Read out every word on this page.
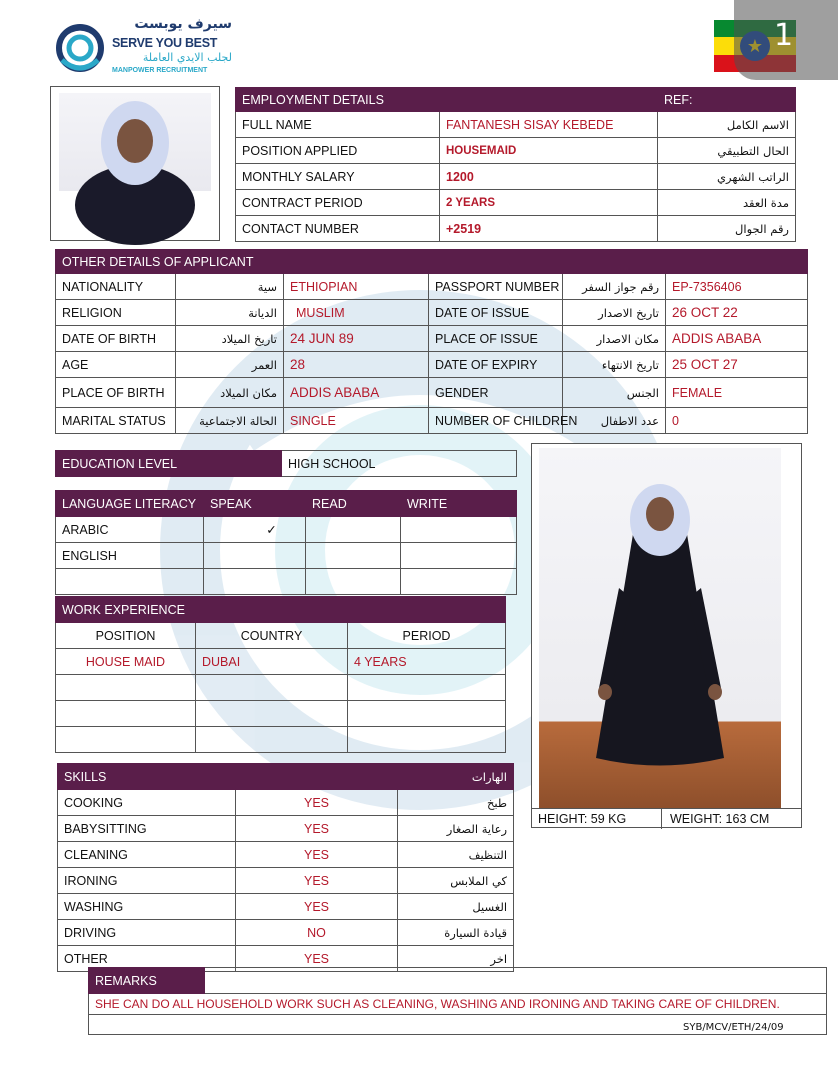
سيرف يوبست
SERVE YOU BEST
لجلب الايدي العاملة
MANPOWER RECRUITMENT
1
EMPLOYMENT DETAILS		REF:
FULL NAME	FANTANESH SISAY KEBEDE	الاسم الكامل
POSITION APPLIED	HOUSEMAID	الحال التطبيقي
MONTHLY SALARY	1200	الراتب الشهري
CONTRACT PERIOD	2 YEARS	مدة العقد
CONTACT NUMBER	+2519	رقم الجوال
OTHER DETAILS OF APPLICANT					
NATIONALITY	سية	ETHIOPIAN	PASSPORT NUMBER	رقم جواز السفر	EP-7356406
RELIGION	الديانة	MUSLIM	DATE OF ISSUE	تاريخ الاصدار	26 OCT 22
DATE OF BIRTH	تاريخ الميلاد	24 JUN 89	PLACE OF ISSUE	مكان الاصدار	ADDIS ABABA
AGE	العمر	28	DATE OF EXPIRY	تاريخ الانتهاء	25 OCT 27
PLACE OF BIRTH	مكان الميلاد	ADDIS ABABA	GENDER	الجنس	FEMALE
MARITAL STATUS	الحالة الاجتماعية	SINGLE	NUMBER OF CHILDREN	عدد الاطفال	0
EDUCATION LEVEL	HIGH SCHOOL
LANGUAGE LITERACY	SPEAK	READ	WRITE
ARABIC	✓		
ENGLISH			

WORK EXPERIENCE		
POSITION	COUNTRY	PERIOD
HOUSE MAID	DUBAI	4 YEARS

HEIGHT: 59 KG	WEIGHT: 163 CM
SKILLS		الهارات
COOKING	YES	طبخ
BABYSITTING	YES	رعاية الصغار
CLEANING	YES	التنظيف
IRONING	YES	كي الملابس
WASHING	YES	الغسيل
DRIVING	NO	قيادة السيارة
OTHER	YES	اخر
REMARKS	
SHE CAN DO ALL HOUSEHOLD WORK SUCH AS CLEANING, WASHING AND IRONING AND TAKING CARE OF CHILDREN.

SYB/MCV/ETH/24/09
